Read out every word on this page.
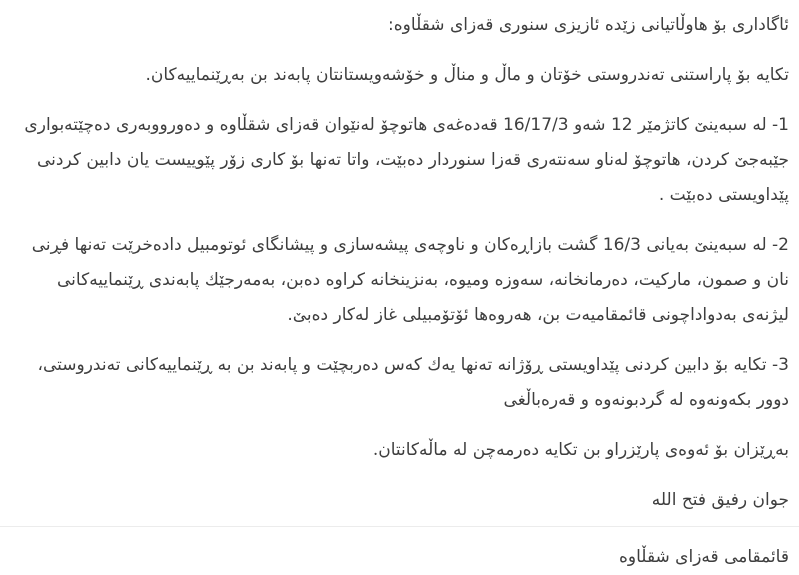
ئاگاداری بۆ هاوڵاتیانی زێده ئازیزی سنوری قەزای شقڵاوه:

تکایه بۆ پاراستنی تەندروستی خۆتان و ماڵ و مناڵ و خۆشەویستانتان پابەند بن بەڕێنماییەکان.

1- له سبەینێ کاتژمێر 12 شەو 16/17/3 قەدەغەی هاتوچۆ لەنێوان قەزای شقڵاوه و دەورووبەری دەچێتەبواری جێبەجێ کردن، هاتوچۆ لەناو سەنتەری قەزا سنوردار دەبێت، واتا تەنها بۆ کاری زۆر پێوییست یان دابین کردنی پێداویستی دەبێت .

2- له سبەینێ بەیانی 16/3 گشت بازاڕەکان و ناوچەی پیشەسازی و پیشانگای ئوتومبیل دادەخرێت تەنها فڕنی نان و صمون، مارکیت، دەرمانخانه، سەوزه ومیوه، بەنزینخانه کراوه دەبن، بەمەرجێك پابەندی ڕێنماییەکانی لیژنەی بەدواداچونی قائمقامیەت بن، هەروەها ئۆتۆمبیلی غاز لەکار دەبێ.

3- تکایه بۆ دابین کردنی پێداویستی ڕۆژانه تەنها یەك کەس دەربچێت و پابەند بن به ڕێنماییەکانی تەندروستی، دوور بکەونەوه له گردبونەوه و قەرەباڵغی

بەڕێزان بۆ ئەوەی پارێزراو بن تکایه دەرمەچن له ماڵەکانتان.

جوان رفیق فتح الله

قائمقامی قەزای شقڵاوه
